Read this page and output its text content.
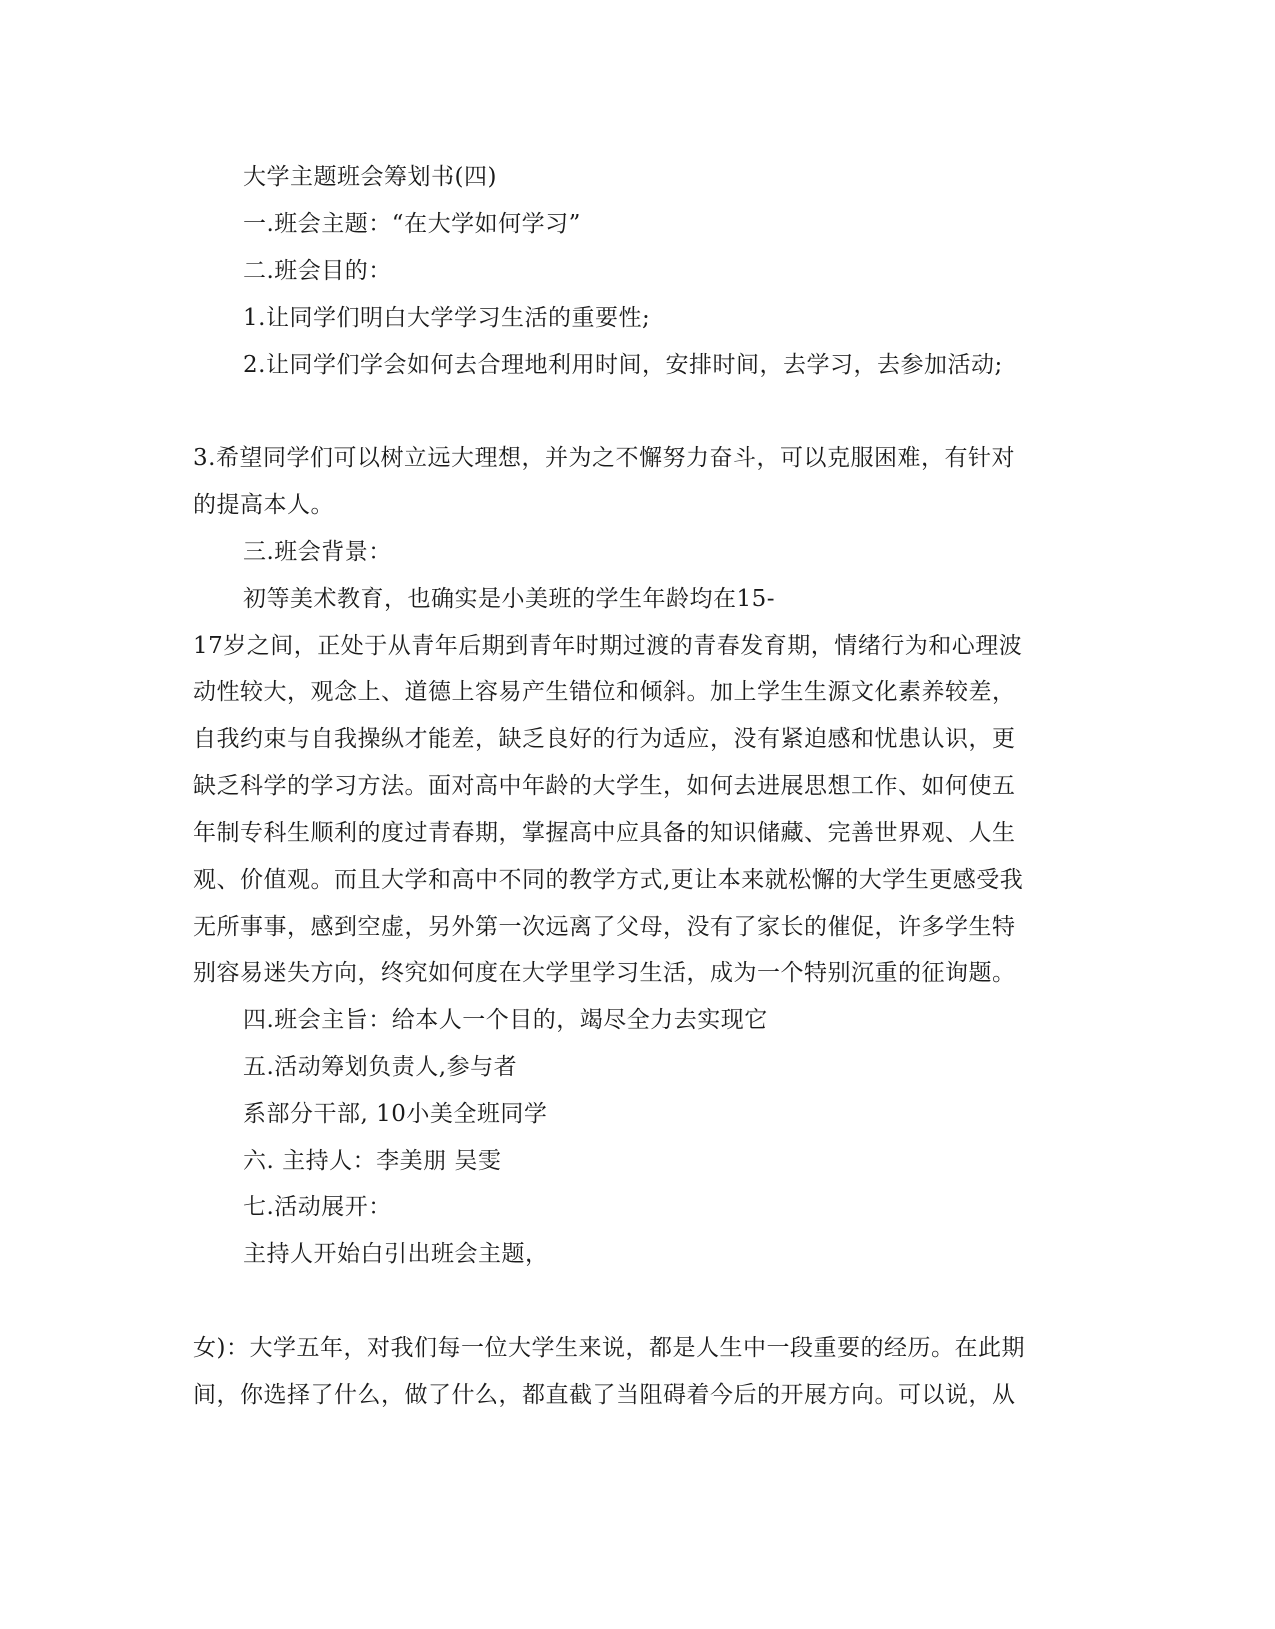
大学主题班会筹划书(四)
一.班会主题：“在大学如何学习”
二.班会目的：
1.让同学们明白大学学习生活的重要性;
2.让同学们学会如何去合理地利用时间，安排时间，去学习，去参加活动;
3.希望同学们可以树立远大理想，并为之不懈努力奋斗，可以克服困难，有针对
的提高本人。
三.班会背景：
初等美术教育，也确实是小美班的学生年龄均在15-
17岁之间，正处于从青年后期到青年时期过渡的青春发育期，情绪行为和心理波
动性较大，观念上、道德上容易产生错位和倾斜。加上学生生源文化素养较差，
自我约束与自我操纵才能差，缺乏良好的行为适应，没有紧迫感和忧患认识，更
缺乏科学的学习方法。面对高中年龄的大学生，如何去进展思想工作、如何使五
年制专科生顺利的度过青春期，掌握高中应具备的知识储藏、完善世界观、人生
观、价值观。而且大学和高中不同的教学方式,更让本来就松懈的大学生更感受我
无所事事，感到空虚，另外第一次远离了父母，没有了家长的催促，许多学生特
别容易迷失方向，终究如何度在大学里学习生活，成为一个特别沉重的征询题。
四.班会主旨：给本人一个目的，竭尽全力去实现它
五.活动筹划负责人,参与者
系部分干部, 10小美全班同学
六. 主持人：李美朋 吴雯
七.活动展开：
主持人开始白引出班会主题，
女)：大学五年，对我们每一位大学生来说，都是人生中一段重要的经历。在此期
间，你选择了什么，做了什么，都直截了当阻碍着今后的开展方向。可以说，从
